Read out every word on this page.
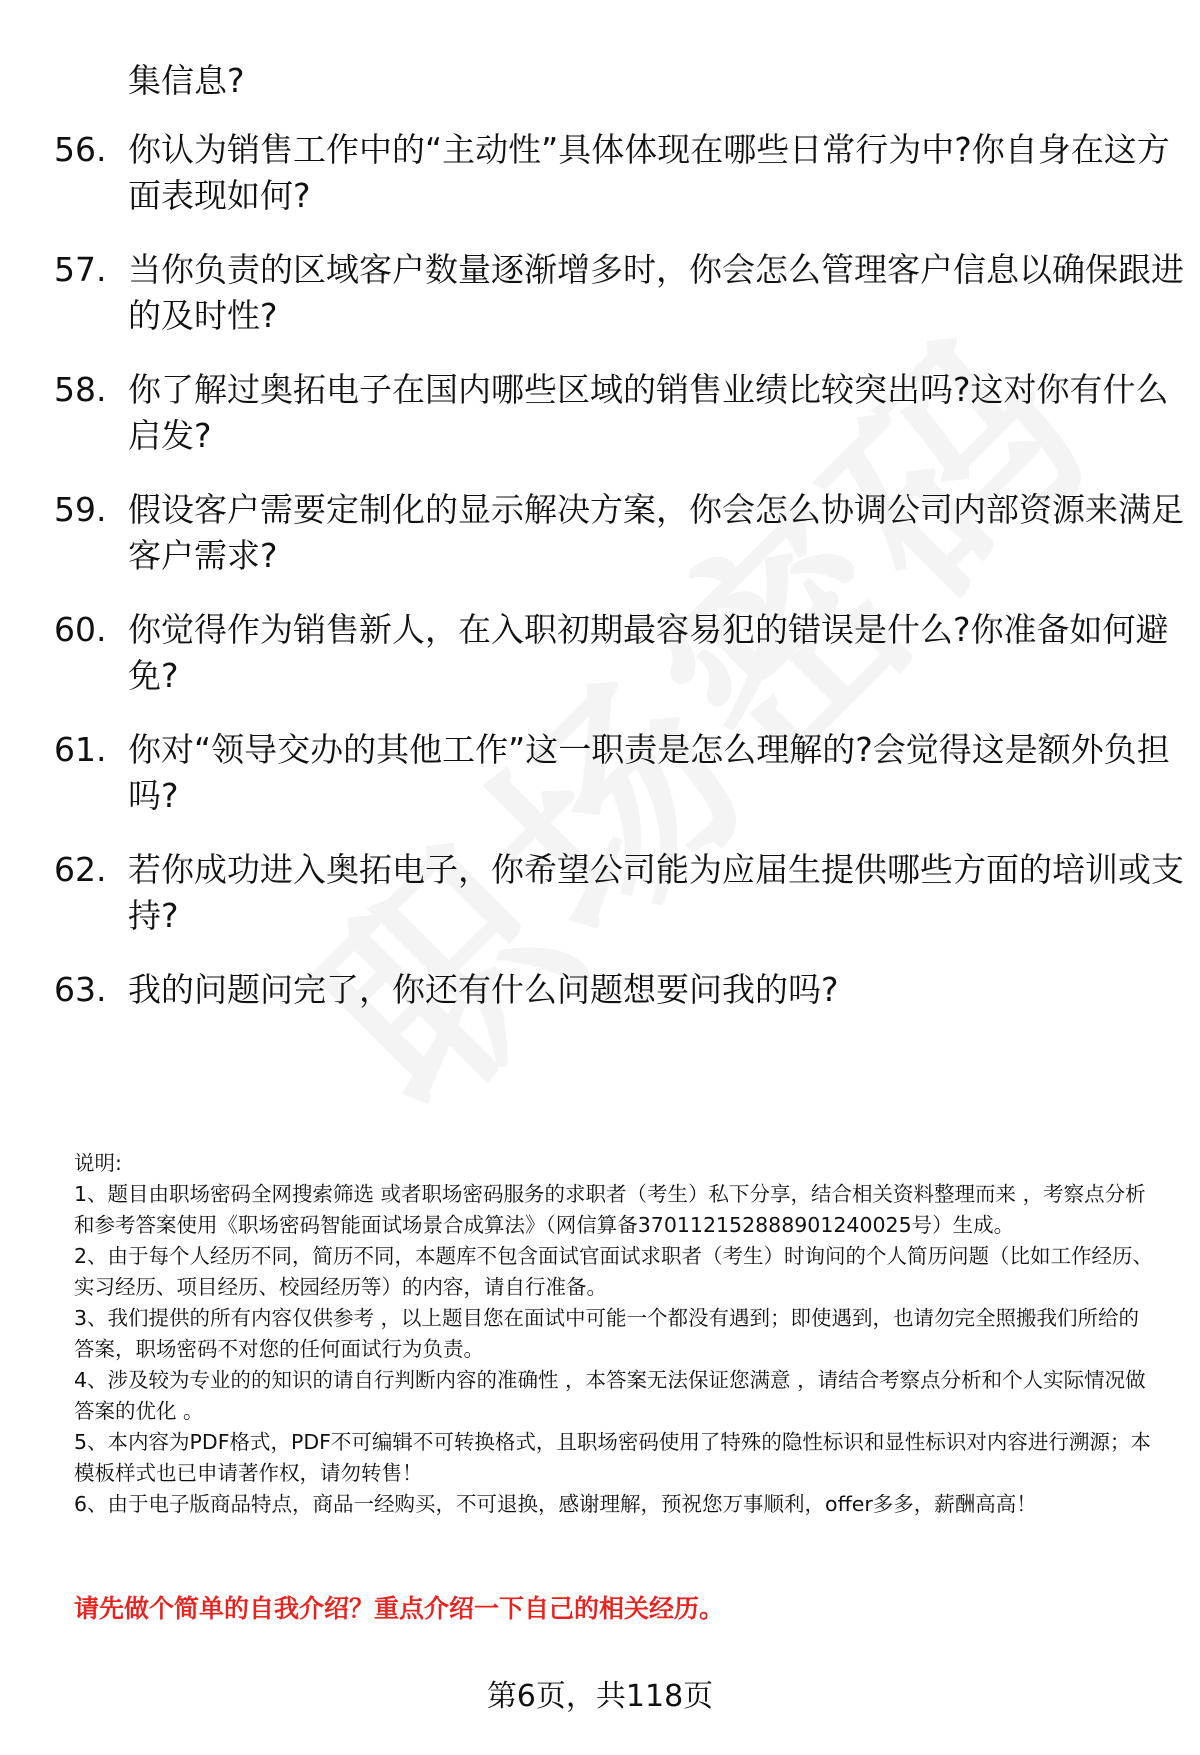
集信息?
56. 你认为销售工作中的“主动性”具体体现在哪些日常行为中?你自身在这方面表现如何?
57. 当你负责的区域客户数量逐渐增多时，你会怎么管理客户信息以确保跟进的及时性?
58. 你了解过奥拓电子在国内哪些区域的销售业绩比较突出吗?这对你有什么启发?
59. 假设客户需要定制化的显示解决方案，你会怎么协调公司内部资源来满足客户需求?
60. 你觉得作为销售新人，在入职初期最容易犯的错误是什么?你准备如何避免?
61. 你对“领导交办的其他工作”这一职责是怎么理解的?会觉得这是额外负担吗?
62. 若你成功进入奥拓电子，你希望公司能为应届生提供哪些方面的培训或支持?
63. 我的问题问完了，你还有什么问题想要问我的吗?

说明:

1、题目由职场密码全网搜索筛选 或者职场密码服务的求职者（考生）私下分享，结合相关资料整理而来 ，考察点分析和参考答案使用《职场密码智能面试场景合成算法》（网信算备370112152888901240025号）生成。

2、由于每个人经历不同，简历不同，本题库不包含面试官面试求职者（考生）时询问的个人简历问题（比如工作经历、实习经历、项目经历、校园经历等）的内容，请自行准备。

3、我们提供的所有内容仅供参考 ，以上题目您在面试中可能一个都没有遇到；即使遇到，也请勿完全照搬我们所给的答案，职场密码不对您的任何面试行为负责。

4、涉及较为专业的的知识的请自行判断内容的准确性 ，本答案无法保证您满意 ，请结合考察点分析和个人实际情况做答案的优化 。

5、本内容为PDF格式，PDF不可编辑不可转换格式，且职场密码使用了特殊的隐性标识和显性标识对内容进行溯源；本模板样式也已申请著作权，请勿转售！

6、由于电子版商品特点，商品一经购买，不可退换，感谢理解，预祝您万事顺利，offer多多，薪酬高高！

请先做个简单的自我介绍？重点介绍一下自己的相关经历。
第6页，共118页
